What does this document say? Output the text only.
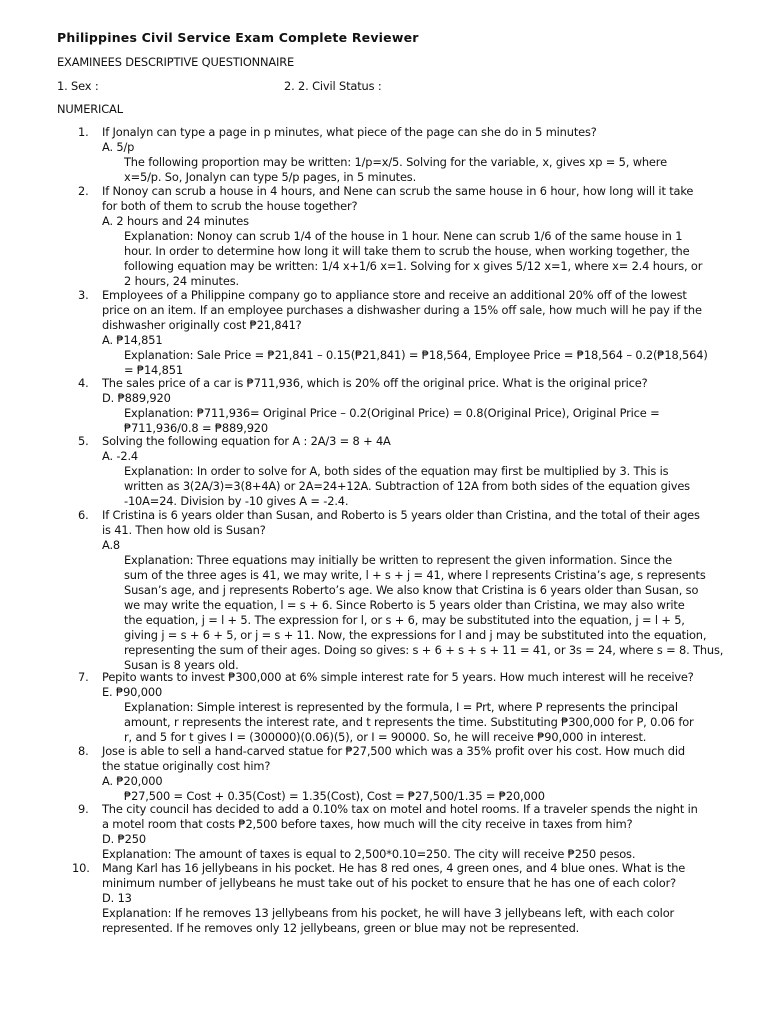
Philippines Civil Service Exam Complete Reviewer
EXAMINEES DESCRIPTIVE QUESTIONNAIRE
1. Sex :	2. 2. Civil Status :
NUMERICAL
1. If Jonalyn can type a page in p minutes, what piece of the page can she do in 5 minutes?
A. 5/p
The following proportion may be written: 1/p=x/5. Solving for the variable, x, gives xp = 5, where
x=5/p. So, Jonalyn can type 5/p pages, in 5 minutes.
2. If Nonoy can scrub a house in 4 hours, and Nene can scrub the same house in 6 hour, how long will it take
for both of them to scrub the house together?
A. 2 hours and 24 minutes
Explanation: Nonoy can scrub 1/4 of the house in 1 hour. Nene can scrub 1/6 of the same house in 1
hour. In order to determine how long it will take them to scrub the house, when working together, the
following equation may be written: 1/4 x+1/6 x=1. Solving for x gives 5/12 x=1, where x= 2.4 hours, or
2 hours, 24 minutes.
3. Employees of a Philippine company go to appliance store and receive an additional 20% off of the lowest
price on an item. If an employee purchases a dishwasher during a 15% off sale, how much will he pay if the
dishwasher originally cost ₱21,841?
A. ₱14,851
Explanation: Sale Price = ₱21,841 – 0.15(₱21,841) = ₱18,564, Employee Price = ₱18,564 – 0.2(₱18,564)
= ₱14,851
4. The sales price of a car is ₱711,936, which is 20% off the original price. What is the original price?
D. ₱889,920
Explanation: ₱711,936= Original Price – 0.2(Original Price) = 0.8(Original Price), Original Price =
₱711,936/0.8 = ₱889,920
5. Solving the following equation for A : 2A/3 = 8 + 4A
A. -2.4
Explanation: In order to solve for A, both sides of the equation may first be multiplied by 3. This is
written as 3(2A/3)=3(8+4A) or 2A=24+12A. Subtraction of 12A from both sides of the equation gives
-10A=24. Division by -10 gives A = -2.4.
6. If Cristina is 6 years older than Susan, and Roberto is 5 years older than Cristina, and the total of their ages
is 41. Then how old is Susan?
A.8
Explanation: Three equations may initially be written to represent the given information. Since the
sum of the three ages is 41, we may write, l + s + j = 41, where l represents Cristina’s age, s represents
Susan’s age, and j represents Roberto’s age. We also know that Cristina is 6 years older than Susan, so
we may write the equation, l = s + 6. Since Roberto is 5 years older than Cristina, we may also write
the equation, j = l + 5. The expression for l, or s + 6, may be substituted into the equation, j = l + 5,
giving j = s + 6 + 5, or j = s + 11. Now, the expressions for l and j may be substituted into the equation,
representing the sum of their ages. Doing so gives: s + 6 + s + s + 11 = 41, or 3s = 24, where s = 8. Thus,
Susan is 8 years old.
7. Pepito wants to invest ₱300,000 at 6% simple interest rate for 5 years. How much interest will he receive?
E. ₱90,000
Explanation: Simple interest is represented by the formula, I = Prt, where P represents the principal
amount, r represents the interest rate, and t represents the time. Substituting ₱300,000 for P, 0.06 for
r, and 5 for t gives I = (300000)(0.06)(5), or I = 90000. So, he will receive ₱90,000 in interest.
8. Jose is able to sell a hand-carved statue for ₱27,500 which was a 35% profit over his cost. How much did
the statue originally cost him?
A. ₱20,000
₱27,500 = Cost + 0.35(Cost) = 1.35(Cost), Cost = ₱27,500/1.35 = ₱20,000
9. The city council has decided to add a 0.10% tax on motel and hotel rooms. If a traveler spends the night in
a motel room that costs ₱2,500 before taxes, how much will the city receive in taxes from him?
D. ₱250
Explanation: The amount of taxes is equal to 2,500*0.10=250. The city will receive ₱250 pesos.
10. Mang Karl has 16 jellybeans in his pocket. He has 8 red ones, 4 green ones, and 4 blue ones. What is the
minimum number of jellybeans he must take out of his pocket to ensure that he has one of each color?
D. 13
Explanation: If he removes 13 jellybeans from his pocket, he will have 3 jellybeans left, with each color
represented. If he removes only 12 jellybeans, green or blue may not be represented.
